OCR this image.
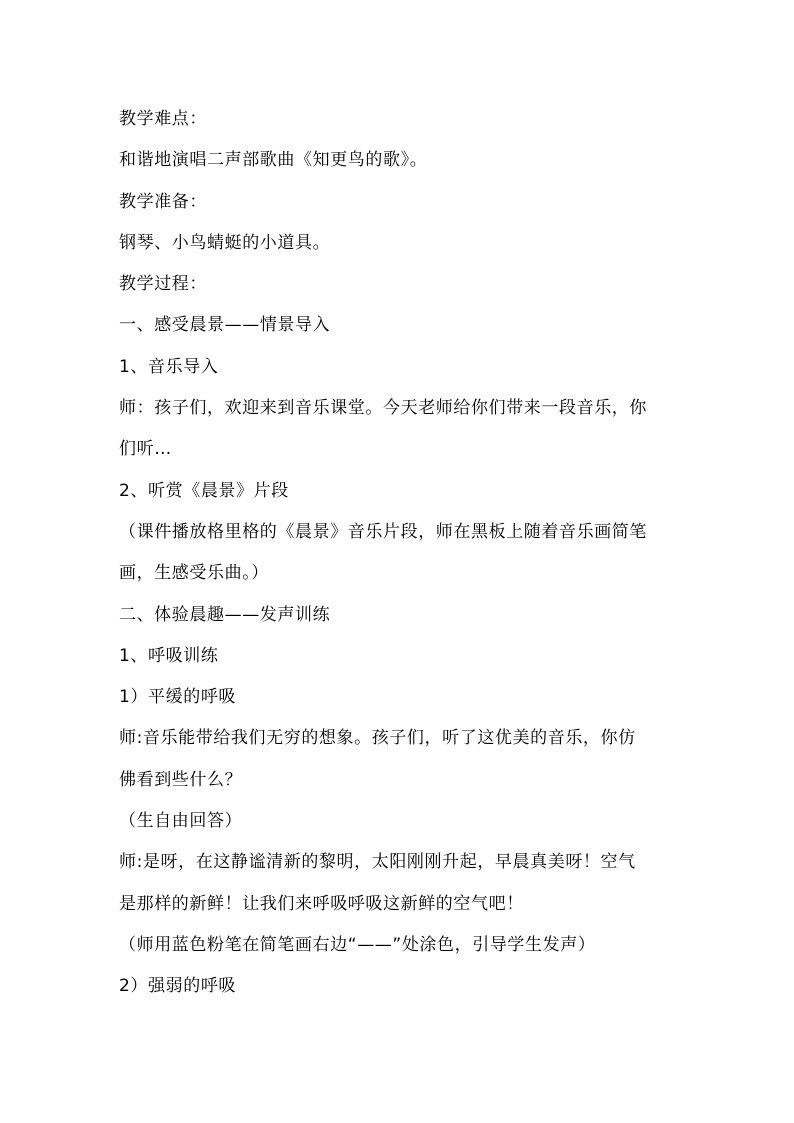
教学难点：
和谐地演唱二声部歌曲《知更鸟的歌》。
教学准备：
钢琴、小鸟蜻蜓的小道具。
教学过程：
一、感受晨景——情景导入
1、音乐导入
师：孩子们，欢迎来到音乐课堂。今天老师给你们带来一段音乐，你
们听…
2、听赏《晨景》片段
（课件播放格里格的《晨景》音乐片段，师在黑板上随着音乐画简笔
画，生感受乐曲。）
二、体验晨趣——发声训练
1、呼吸训练
1）平缓的呼吸
师:音乐能带给我们无穷的想象。孩子们，听了这优美的音乐，你仿
佛看到些什么？
（生自由回答）
师:是呀，在这静谧清新的黎明，太阳刚刚升起，早晨真美呀！空气
是那样的新鲜！让我们来呼吸呼吸这新鲜的空气吧！
（师用蓝色粉笔在简笔画右边“——”处涂色，引导学生发声）
2）强弱的呼吸
